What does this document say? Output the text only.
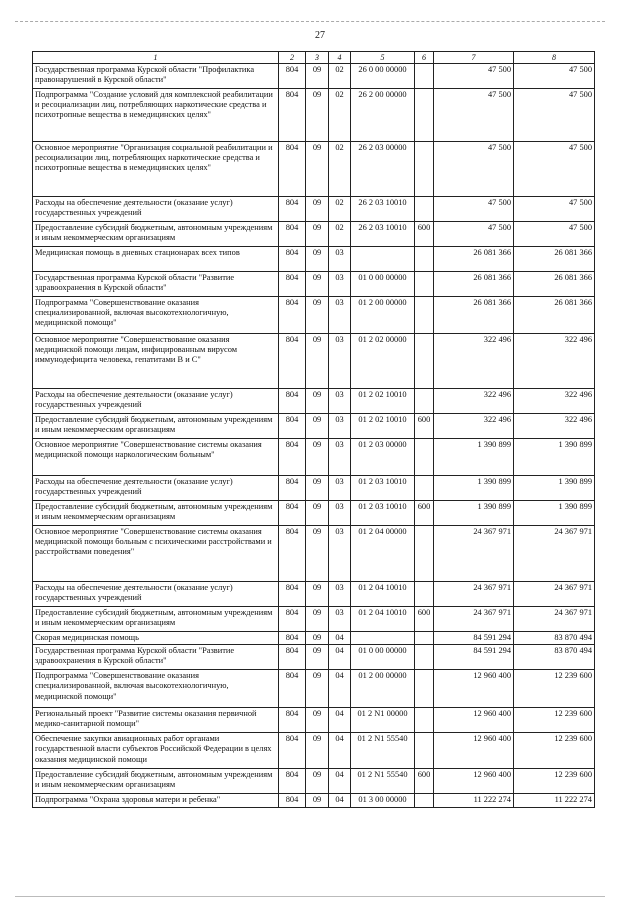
27
1	2	3	4	5	6	7	8
Государственная программа Курской области "Профилактика правонарушений в Курской области"	804	09	02	26 0 00 00000		47 500	47 500
Подпрограмма "Создание условий для комплексной реабилитации и ресоциализации лиц, потребляющих наркотические средства и психотропные вещества в немедицинских целях"	804	09	02	26 2 00 00000		47 500	47 500
Основное мероприятие "Организация социальной реабилитации и ресоциализации лиц, потребляющих наркотические средства и психотропные вещества в немедицинских целях"	804	09	02	26 2 03 00000		47 500	47 500
Расходы на обеспечение деятельности (оказание услуг) государственных учреждений	804	09	02	26 2 03 10010		47 500	47 500
Предоставление субсидий бюджетным, автономным учреждениям и иным некоммерческим организациям	804	09	02	26 2 03 10010	600	47 500	47 500
Медицинская помощь в дневных стационарах всех типов	804	09	03			26 081 366	26 081 366
Государственная программа Курской области "Развитие здравоохранения в Курской области"	804	09	03	01 0 00 00000		26 081 366	26 081 366
Подпрограмма "Совершенствование оказания специализированной, включая высокотехнологичную, медицинской помощи"	804	09	03	01 2 00 00000		26 081 366	26 081 366
Основное мероприятие "Совершенствование оказания медицинской помощи лицам, инфицированным вирусом иммунодефицита человека, гепатитами В и С"	804	09	03	01 2 02 00000		322 496	322 496
Расходы на обеспечение деятельности (оказание услуг) государственных учреждений	804	09	03	01 2 02 10010		322 496	322 496
Предоставление субсидий бюджетным, автономным учреждениям и иным некоммерческим организациям	804	09	03	01 2 02 10010	600	322 496	322 496
Основное мероприятие "Совершенствование системы оказания медицинской помощи наркологическим больным"	804	09	03	01 2 03 00000		1 390 899	1 390 899
Расходы на обеспечение деятельности (оказание услуг) государственных учреждений	804	09	03	01 2 03 10010		1 390 899	1 390 899
Предоставление субсидий бюджетным, автономным учреждениям и иным некоммерческим организациям	804	09	03	01 2 03 10010	600	1 390 899	1 390 899
Основное мероприятие "Совершенствование системы оказания медицинской помощи больным с психическими расстройствами и расстройствами поведения"	804	09	03	01 2 04 00000		24 367 971	24 367 971
Расходы на обеспечение деятельности (оказание услуг) государственных учреждений	804	09	03	01 2 04 10010		24 367 971	24 367 971
Предоставление субсидий бюджетным, автономным учреждениям и иным некоммерческим организациям	804	09	03	01 2 04 10010	600	24 367 971	24 367 971
Скорая медицинская помощь	804	09	04			84 591 294	83 870 494
Государственная программа Курской области "Развитие здравоохранения в Курской области"	804	09	04	01 0 00 00000		84 591 294	83 870 494
Подпрограмма "Совершенствование оказания специализированной, включая высокотехнологичную, медицинской помощи"	804	09	04	01 2 00 00000		12 960 400	12 239 600
Региональный проект "Развитие системы оказания первичной медико-санитарной помощи"	804	09	04	01 2 N1 00000		12 960 400	12 239 600
Обеспечение закупки авиационных работ органами государственной власти субъектов Российской Федерации в целях оказания медицинской помощи	804	09	04	01 2 N1 55540		12 960 400	12 239 600
Предоставление субсидий бюджетным, автономным учреждениям и иным некоммерческим организациям	804	09	04	01 2 N1 55540	600	12 960 400	12 239 600
Подпрограмма "Охрана здоровья матери и ребенка"	804	09	04	01 3 00 00000		11 222 274	11 222 274
